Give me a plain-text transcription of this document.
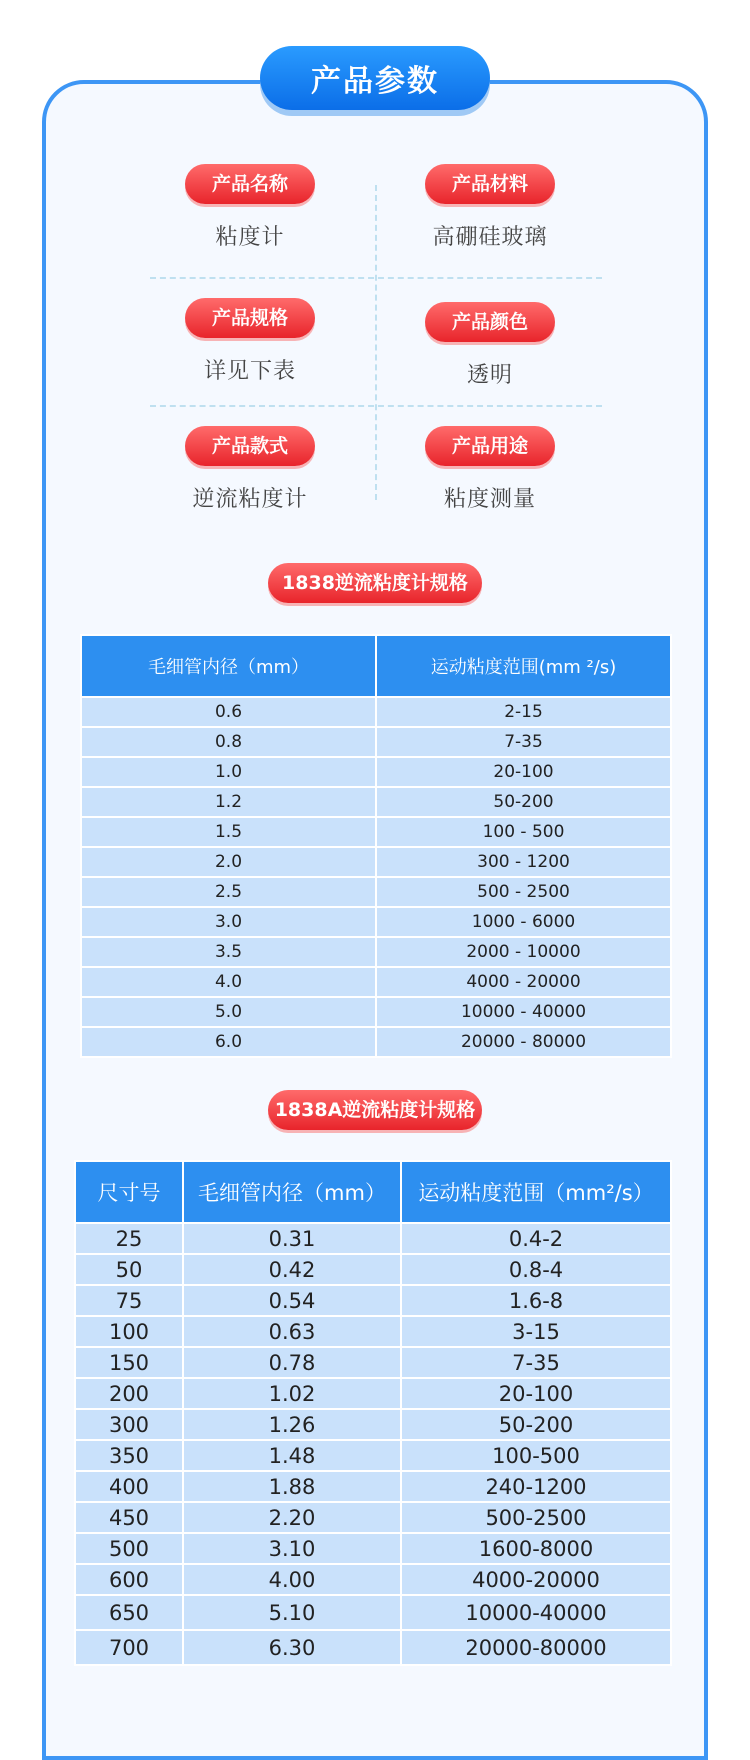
产品参数
产品名称
粘度计
产品材料
高硼硅玻璃
产品规格
详见下表
产品颜色
透明
产品款式
逆流粘度计
产品用途
粘度测量
1838逆流粘度计规格
毛细管内径（mm）	运动粘度范围(mm ²/s)
0.6	2-15
0.8	7-35
1.0	20-100
1.2	50-200
1.5	100 - 500
2.0	300 - 1200
2.5	500 - 2500
3.0	1000 - 6000
3.5	2000 - 10000
4.0	4000 - 20000
5.0	10000 - 40000
6.0	20000 - 80000
1838A逆流粘度计规格
尺寸号	毛细管内径（mm）	运动粘度范围（mm²/s）
25	0.31	0.4-2
50	0.42	0.8-4
75	0.54	1.6-8
100	0.63	3-15
150	0.78	7-35
200	1.02	20-100
300	1.26	50-200
350	1.48	100-500
400	1.88	240-1200
450	2.20	500-2500
500	3.10	1600-8000
600	4.00	4000-20000
650	5.10	10000-40000
700	6.30	20000-80000
